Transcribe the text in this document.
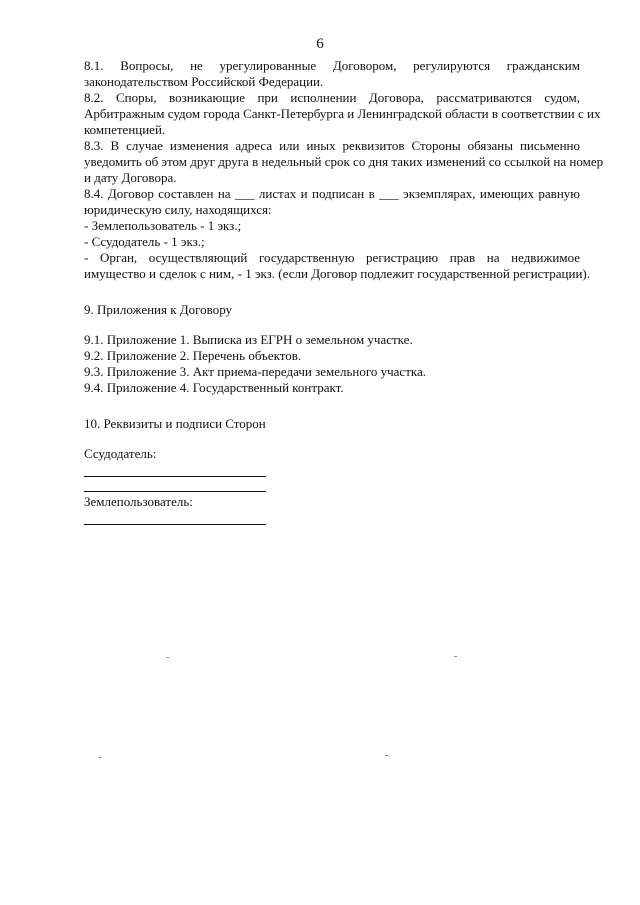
6
8.1. Вопросы, не урегулированные Договором, регулируются гражданским
законодательством Российской Федерации.
8.2. Споры, возникающие при исполнении Договора, рассматриваются судом,
Арбитражным судом города Санкт-Петербурга и Ленинградской области в соответствии с их
компетенцией.
8.3. В случае изменения адреса или иных реквизитов Стороны обязаны письменно
уведомить об этом друг друга в недельный срок со дня таких изменений со ссылкой на номер
и дату Договора.
8.4. Договор составлен на ___ листах и подписан в ___ экземплярах, имеющих равную
юридическую силу, находящихся:
- Землепользователь - 1 экз.;
- Ссудодатель - 1 экз.;
- Орган, осуществляющий государственную регистрацию прав на недвижимое
имущество и сделок с ним, - 1 экз. (если Договор подлежит государственной регистрации).

9. Приложения к Договору

9.1. Приложение 1. Выписка из ЕГРН о земельном участке.

9.2. Приложение 2. Перечень объектов.

9.3. Приложение 3. Акт приема-передачи земельного участка.

9.4. Приложение 4. Государственный контракт.

10. Реквизиты и подписи Сторон

Ссудодатель:

Землепользователь:

-	-
-	-
